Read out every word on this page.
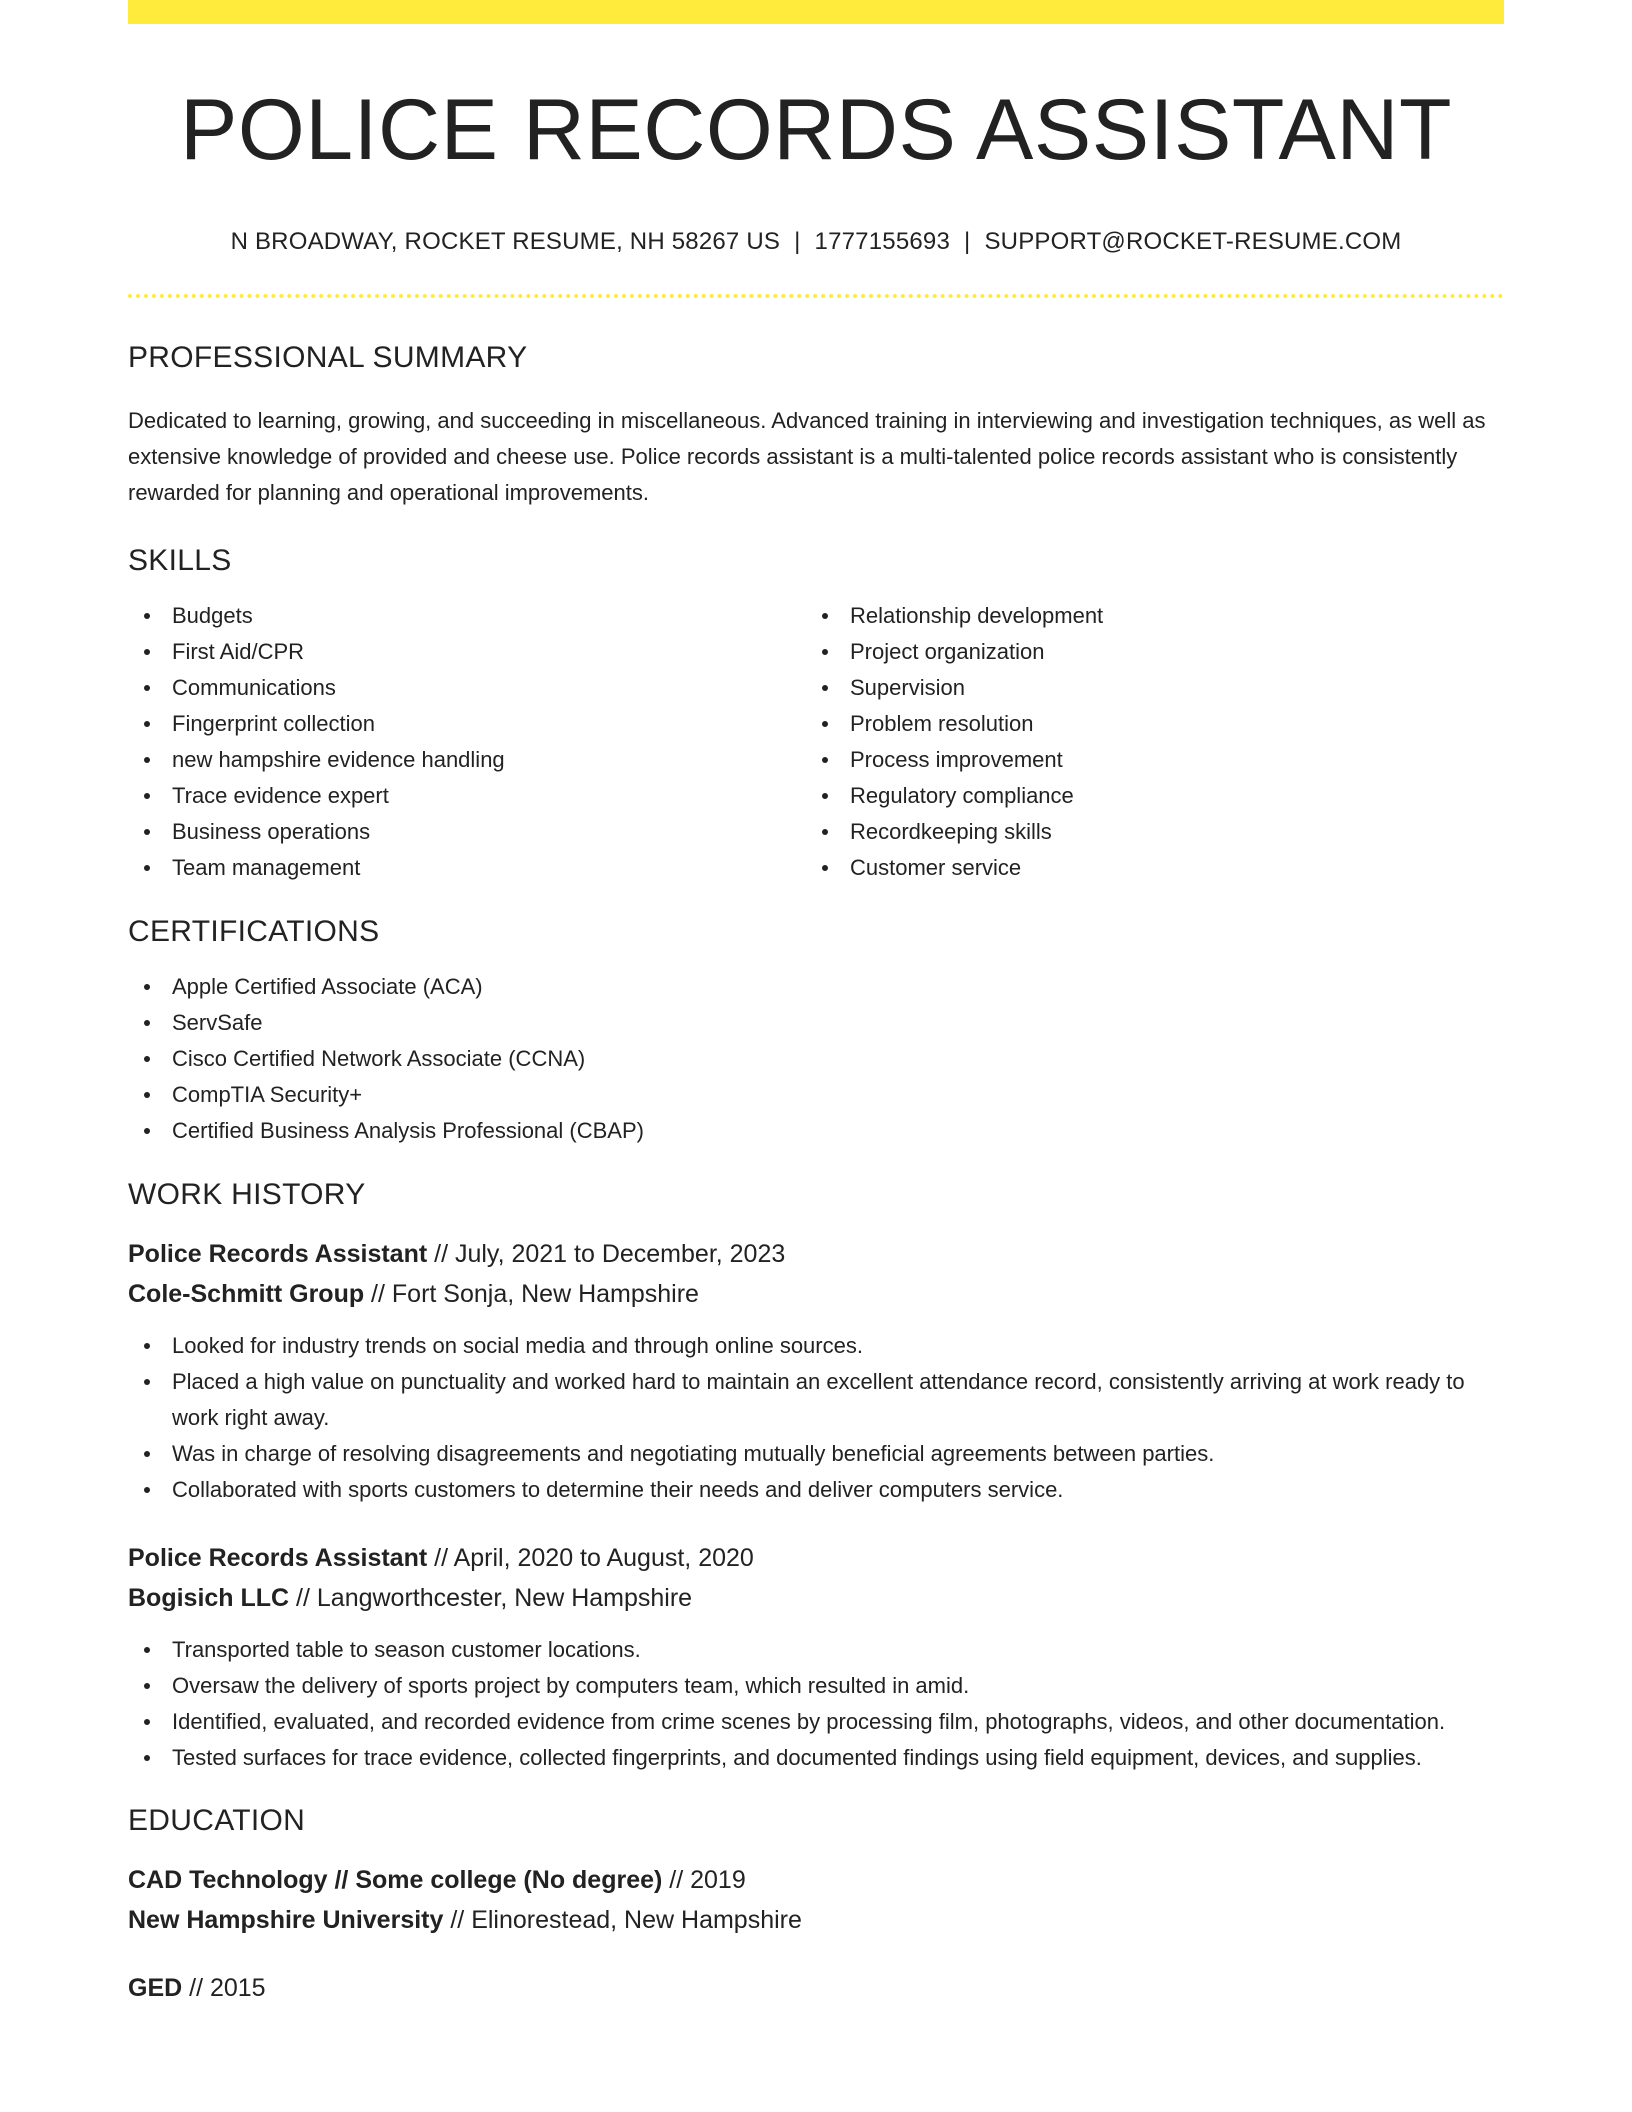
POLICE RECORDS ASSISTANT
N BROADWAY, ROCKET RESUME, NH 58267 US | 1777155693 | SUPPORT@ROCKET-RESUME.COM
PROFESSIONAL SUMMARY
Dedicated to learning, growing, and succeeding in miscellaneous. Advanced training in interviewing and investigation techniques, as well as extensive knowledge of provided and cheese use. Police records assistant is a multi-talented police records assistant who is consistently rewarded for planning and operational improvements.
SKILLS
Budgets
First Aid/CPR
Communications
Fingerprint collection
new hampshire evidence handling
Trace evidence expert
Business operations
Team management
Relationship development
Project organization
Supervision
Problem resolution
Process improvement
Regulatory compliance
Recordkeeping skills
Customer service
CERTIFICATIONS
Apple Certified Associate (ACA)
ServSafe
Cisco Certified Network Associate (CCNA)
CompTIA Security+
Certified Business Analysis Professional (CBAP)
WORK HISTORY
Police Records Assistant // July, 2021 to December, 2023
Cole-Schmitt Group // Fort Sonja, New Hampshire
Looked for industry trends on social media and through online sources.
Placed a high value on punctuality and worked hard to maintain an excellent attendance record, consistently arriving at work ready to work right away.
Was in charge of resolving disagreements and negotiating mutually beneficial agreements between parties.
Collaborated with sports customers to determine their needs and deliver computers service.
Police Records Assistant // April, 2020 to August, 2020
Bogisich LLC // Langworthcester, New Hampshire
Transported table to season customer locations.
Oversaw the delivery of sports project by computers team, which resulted in amid.
Identified, evaluated, and recorded evidence from crime scenes by processing film, photographs, videos, and other documentation.
Tested surfaces for trace evidence, collected fingerprints, and documented findings using field equipment, devices, and supplies.
EDUCATION
CAD Technology // Some college (No degree) // 2019
New Hampshire University // Elinorestead, New Hampshire
GED // 2015
